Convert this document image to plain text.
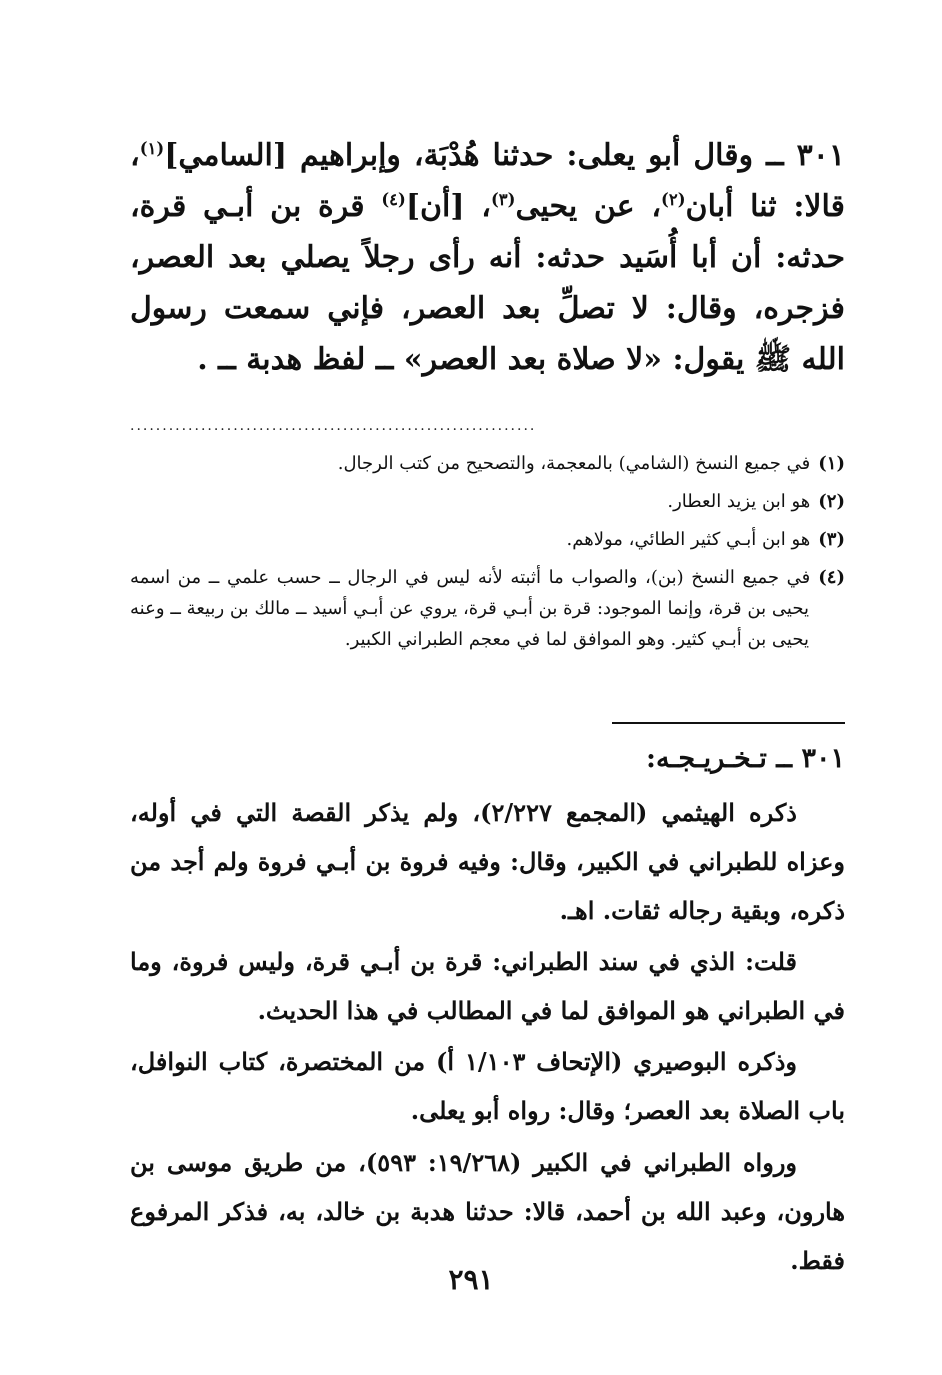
٣٠١ ــ وقال أبو يعلى: حدثنا هُدْبَة، وإبراهيم [السامي]$^{(١)}$، قالا: ثنا أبان$^{(٢)}$، عن يحيى$^{(٣)}$، [أن]$^{(٤)}$ قرة بن أبـي قرة، حدثه: أن أبا أُسَيد حدثه: أنه رأى رجلاً يصلي بعد العصر، فزجره، وقال: لا تصلِّ بعد العصر، فإني سمعت رسول الله ﷺ يقول: «لا صلاة بعد العصر» ــ لفظ هدبة ــ .

...............................................................

(١)في جميع النسخ (الشامي) بالمعجمة، والتصحيح من كتب الرجال.

(٢)هو ابن يزيد العطار.

(٣)هو ابن أبـي كثير الطائي، مولاهم.

(٤)في جميع النسخ (بن)، والصواب ما أثبته لأنه ليس في الرجال ــ حسب علمي ــ من اسمه يحيى بن قرة، وإنما الموجود: قرة بن أبـي قرة، يروي عن أبـي أسيد ــ مالك بن ربيعة ــ وعنه يحيى بن أبـي كثير. وهو الموافق لما في معجم الطبراني الكبير.

٣٠١ ــ تـخـريـجـه:

ذكره الهيثمي (المجمع ٢/٢٢٧)، ولم يذكر القصة التي في أوله، وعزاه للطبراني في الكبير، وقال: وفيه فروة بن أبـي فروة ولم أجد من ذكره، وبقية رجاله ثقات. اهـ.

قلت: الذي في سند الطبراني: قرة بن أبـي قرة، وليس فروة، وما في الطبراني هو الموافق لما في المطالب في هذا الحديث.

وذكره البوصيري (الإتحاف ١/١٠٣ أ) من المختصرة، كتاب النوافل، باب الصلاة بعد العصر؛ وقال: رواه أبو يعلى.

ورواه الطبراني في الكبير (١٩/٢٦٨: ٥٩٣)، من طريق موسى بن هارون، وعبد الله بن أحمد، قالا: حدثنا هدبة بن خالد، به، فذكر المرفوع فقط.

٢٩١
